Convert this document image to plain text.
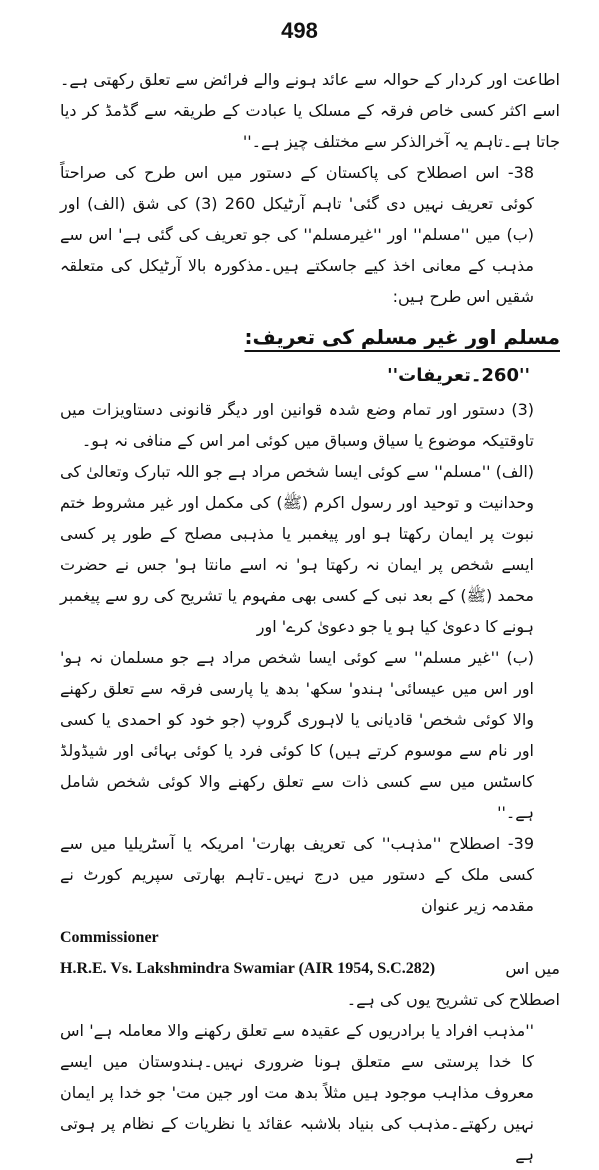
498

اطاعت اور کردار کے حوالہ سے عائد ہونے والے فرائض سے تعلق رکھتی ہے۔اسے اکثر کسی خاص فرقہ کے مسلک یا عبادت کے طریقہ سے گڈمڈ کر دیا جاتا ہے۔تاہم یہ آخرالذکر سے مختلف چیز ہے۔''

38- اس اصطلاح کی پاکستان کے دستور میں اس طرح کی صراحتاً کوئی تعریف نہیں دی گئی' تاہم آرٹیکل 260 (3) کی شق (الف) اور (ب) میں ''مسلم'' اور ''غیرمسلم'' کی جو تعریف کی گئی ہے' اس سے مذہب کے معانی اخذ کیے جاسکتے ہیں۔مذکورہ بالا آرٹیکل کی متعلقہ شقیں اس طرح ہیں:

مسلم اور غیر مسلم کی تعریف:
''260۔تعریفات''

(3) دستور اور تمام وضع شدہ قوانین اور دیگر قانونی دستاویزات میں تاوقتیکہ موضوع یا سیاق وسباق میں کوئی امر اس کے منافی نہ ہو۔

(الف) ''مسلم'' سے کوئی ایسا شخص مراد ہے جو اللہ تبارک وتعالیٰ کی وحدانیت و توحید اور رسول اکرم (ﷺ) کی مکمل اور غیر مشروط ختم نبوت پر ایمان رکھتا ہو اور پیغمبر یا مذہبی مصلح کے طور پر کسی ایسے شخص پر ایمان نہ رکھتا ہو' نہ اسے مانتا ہو' جس نے حضرت محمد (ﷺ) کے بعد نبی کے کسی بھی مفہوم یا تشریح کی رو سے پیغمبر ہونے کا دعویٰ کیا ہو یا جو دعویٰ کرے' اور

(ب) ''غیر مسلم'' سے کوئی ایسا شخص مراد ہے جو مسلمان نہ ہو' اور اس میں عیسائی' ہندو' سکھ' بدھ یا پارسی فرقہ سے تعلق رکھنے والا کوئی شخص' قادیانی یا لاہوری گروپ (جو خود کو احمدی یا کسی اور نام سے موسوم کرتے ہیں) کا کوئی فرد یا کوئی بہائی اور شیڈولڈ کاسٹس میں سے کسی ذات سے تعلق رکھنے والا کوئی شخص شامل ہے۔''

39- اصطلاح ''مذہب'' کی تعریف بھارت' امریکہ یا آسٹریلیا میں سے کسی ملک کے دستور میں درج نہیں۔تاہم بھارتی سپریم کورٹ نے مقدمہ زیر عنوان
Commissioner
میں اس
H.R.E. Vs. Lakshmindra Swamiar (AIR 1954, S.C.282)
اصطلاح کی تشریح یوں کی ہے۔

''مذہب افراد یا برادریوں کے عقیدہ سے تعلق رکھنے والا معاملہ ہے' اس کا خدا پرستی سے متعلق ہونا ضروری نہیں۔ہندوستان میں ایسے معروف مذاہب موجود ہیں مثلاً بدھ مت اور جین مت' جو خدا پر ایمان نہیں رکھتے۔مذہب کی بنیاد بلاشبہ عقائد یا نظریات کے نظام پر ہوتی ہے
